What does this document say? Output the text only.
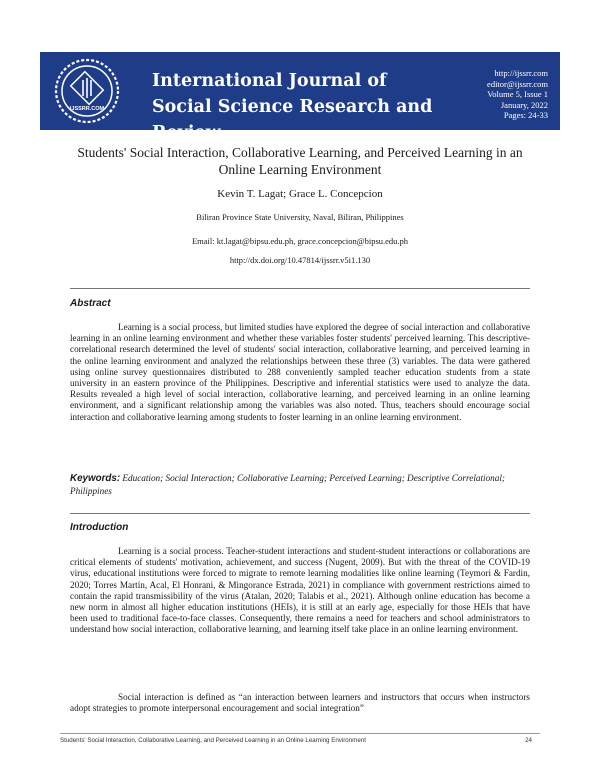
IJSSRR.COM
International Journal of Social Science Research and Review
http://ijssrr.com
editor@ijssrr.com
Volume 5, Issue 1
January, 2022
Pages: 24-33
Students' Social Interaction, Collaborative Learning, and Perceived Learning in an Online Learning Environment
Kevin T. Lagat; Grace L. Concepcion
Biliran Province State University, Naval, Biliran, Philippines
Email: kt.lagat@bipsu.edu.ph, grace.concepcion@bipsu.edu.ph
http://dx.doi.org/10.47814/ijssrr.v5i1.130
Abstract
Learning is a social process, but limited studies have explored the degree of social interaction and collaborative learning in an online learning environment and whether these variables foster students' perceived learning. This descriptive-correlational research determined the level of students' social interaction, collaborative learning, and perceived learning in the online learning environment and analyzed the relationships between these three (3) variables. The data were gathered using online survey questionnaires distributed to 288 conveniently sampled teacher education students from a state university in an eastern province of the Philippines. Descriptive and inferential statistics were used to analyze the data. Results revealed a high level of social interaction, collaborative learning, and perceived learning in an online learning environment, and a significant relationship among the variables was also noted. Thus, teachers should encourage social interaction and collaborative learning among students to foster learning in an online learning environment.
Keywords: Education; Social Interaction; Collaborative Learning; Perceived Learning; Descriptive Correlational; Philippines
Introduction
Learning is a social process. Teacher-student interactions and student-student interactions or collaborations are critical elements of students' motivation, achievement, and success (Nugent, 2009). But with the threat of the COVID-19 virus, educational institutions were forced to migrate to remote learning modalities like online learning (Teymori & Fardin, 2020; Torres Martín, Acal, El Honrani, & Mingorance Estrada, 2021) in compliance with government restrictions aimed to contain the rapid transmissibility of the virus (Atalan, 2020; Talabis et al., 2021). Although online education has become a new norm in almost all higher education institutions (HEIs), it is still at an early age, especially for those HEIs that have been used to traditional face-to-face classes. Consequently, there remains a need for teachers and school administrators to understand how social interaction, collaborative learning, and learning itself take place in an online learning environment.
Social interaction is defined as “an interaction between learners and instructors that occurs when instructors adopt strategies to promote interpersonal encouragement and social integration”
Students' Social Interaction, Collaborative Learning, and Perceived Learning in an Online Learning Environment	24
